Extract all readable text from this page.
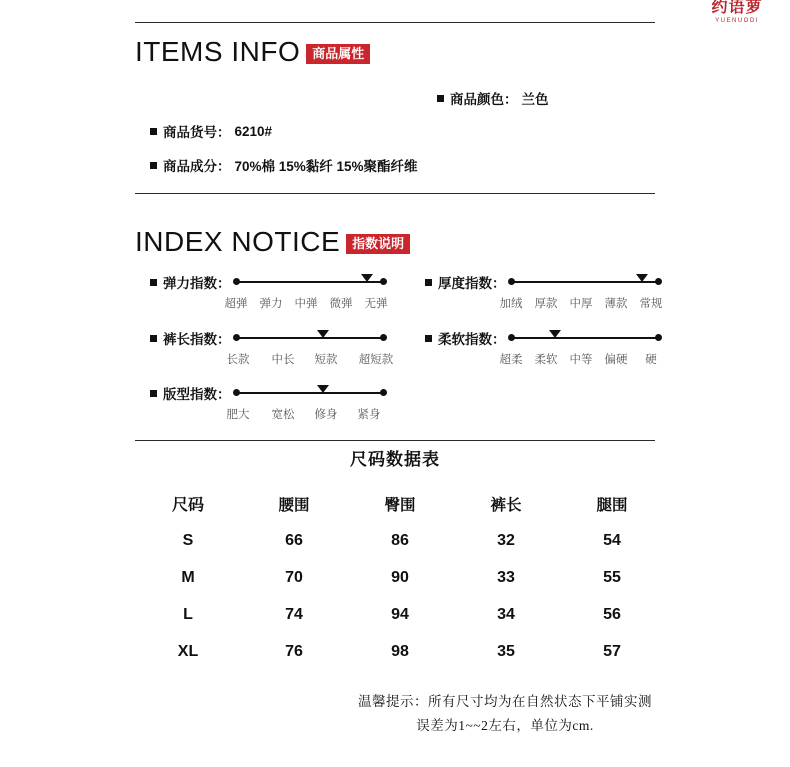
约语萝
YUENUODI
ITEMS INFO 商品属性
商品颜色： 兰色
商品货号： 6210#
商品成分： 70%棉 15%黏纤 15%聚酯纤维
INDEX NOTICE 指数说明
弹力指数：
超弹 弹力 中弹 微弹 无弹
厚度指数：
加绒 厚款 中厚 薄款 常规
裤长指数：
长款 中长 短款 超短款
柔软指数：
超柔 柔软 中等 偏硬 硬
版型指数：
肥大 宽松 修身 紧身
尺码数据表
尺码	腰围	臀围	裤长	腿围
S	66	86	32	54
M	70	90	33	55
L	74	94	34	56
XL	76	98	35	57
温馨提示：所有尺寸均为在自然状态下平铺实测
误差为1~~2左右，单位为cm.
